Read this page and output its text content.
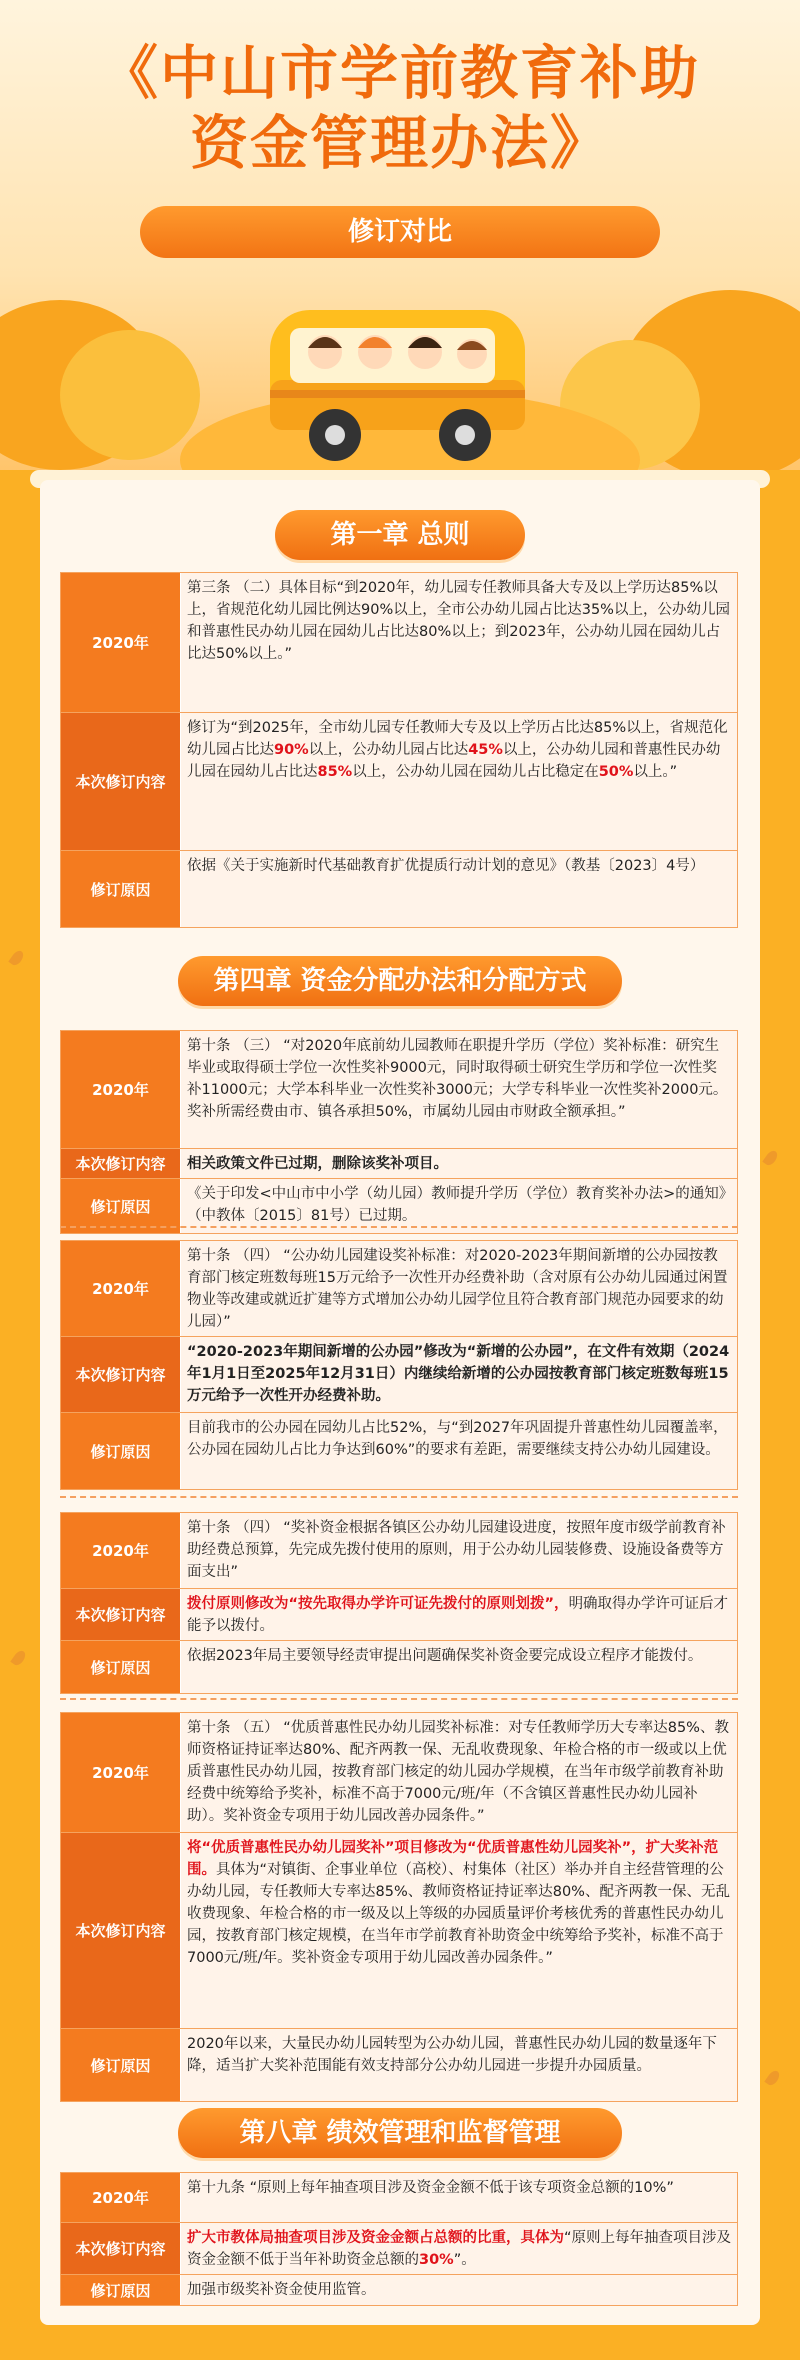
《中山市学前教育补助
资金管理办法》
修订对比
第一章 总则
2020年
第三条 （二）具体目标“到2020年，幼儿园专任教师具备大专及以上学历达85%以上，省规范化幼儿园比例达90%以上，全市公办幼儿园占比达35%以上，公办幼儿园和普惠性民办幼儿园在园幼儿占比达80%以上；到2023年，公办幼儿园在园幼儿占比达50%以上。”
本次修订内容
修订为“到2025年，全市幼儿园专任教师大专及以上学历占比达85%以上，省规范化幼儿园占比达90%以上，公办幼儿园占比达45%以上，公办幼儿园和普惠性民办幼儿园在园幼儿占比达85%以上，公办幼儿园在园幼儿占比稳定在50%以上。”
修订原因
依据《关于实施新时代基础教育扩优提质行动计划的意见》（教基〔2023〕4号）
第四章 资金分配办法和分配方式
2020年
第十条 （三） “对2020年底前幼儿园教师在职提升学历（学位）奖补标准：研究生毕业或取得硕士学位一次性奖补9000元，同时取得硕士研究生学历和学位一次性奖补11000元；大学本科毕业一次性奖补3000元；大学专科毕业一次性奖补2000元。奖补所需经费由市、镇各承担50%，市属幼儿园由市财政全额承担。”
本次修订内容	相关政策文件已过期，删除该奖补项目。
修订原因
《关于印发<中山市中小学（幼儿园）教师提升学历（学位）教育奖补办法>的通知》（中教体〔2015〕81号）已过期。
2020年
第十条 （四） “公办幼儿园建设奖补标准：对2020-2023年期间新增的公办园按教育部门核定班数每班15万元给予一次性开办经费补助（含对原有公办幼儿园通过闲置物业等改建或就近扩建等方式增加公办幼儿园学位且符合教育部门规范办园要求的幼儿园）”
本次修订内容
“2020-2023年期间新增的公办园”修改为“新增的公办园”，在文件有效期（2024年1月1日至2025年12月31日）内继续给新增的公办园按教育部门核定班数每班15万元给予一次性开办经费补助。
修订原因
目前我市的公办园在园幼儿占比52%，与“到2027年巩固提升普惠性幼儿园覆盖率，公办园在园幼儿占比力争达到60%”的要求有差距，需要继续支持公办幼儿园建设。
2020年
第十条 （四） “奖补资金根据各镇区公办幼儿园建设进度，按照年度市级学前教育补助经费总预算，先完成先拨付使用的原则，用于公办幼儿园装修费、设施设备费等方面支出”
本次修订内容
拨付原则修改为“按先取得办学许可证先拨付的原则划拨”，明确取得办学许可证后才能予以拨付。
修订原因
依据2023年局主要领导经责审提出问题确保奖补资金要完成设立程序才能拨付。
2020年
第十条 （五） “优质普惠性民办幼儿园奖补标准：对专任教师学历大专率达85%、教师资格证持证率达80%、配齐两教一保、无乱收费现象、年检合格的市一级或以上优质普惠性民办幼儿园，按教育部门核定的幼儿园办学规模，在当年市级学前教育补助经费中统筹给予奖补，标准不高于7000元/班/年（不含镇区普惠性民办幼儿园补助）。奖补资金专项用于幼儿园改善办园条件。”
本次修订内容
将“优质普惠性民办幼儿园奖补”项目修改为“优质普惠性幼儿园奖补”，扩大奖补范围。具体为“对镇街、企事业单位（高校）、村集体（社区）举办并自主经营管理的公办幼儿园，专任教师大专率达85%、教师资格证持证率达80%、配齐两教一保、无乱收费现象、年检合格的市一级及以上等级的办园质量评价考核优秀的普惠性民办幼儿园，按教育部门核定规模，在当年市学前教育补助资金中统筹给予奖补，标准不高于7000元/班/年。奖补资金专项用于幼儿园改善办园条件。”
修订原因
2020年以来，大量民办幼儿园转型为公办幼儿园，普惠性民办幼儿园的数量逐年下降，适当扩大奖补范围能有效支持部分公办幼儿园进一步提升办园质量。
第八章 绩效管理和监督管理
2020年
第十九条 “原则上每年抽查项目涉及资金金额不低于该专项资金总额的10%”
本次修订内容
扩大市教体局抽查项目涉及资金金额占总额的比重，具体为“原则上每年抽查项目涉及资金金额不低于当年补助资金总额的30%”。
修订原因	加强市级奖补资金使用监管。
